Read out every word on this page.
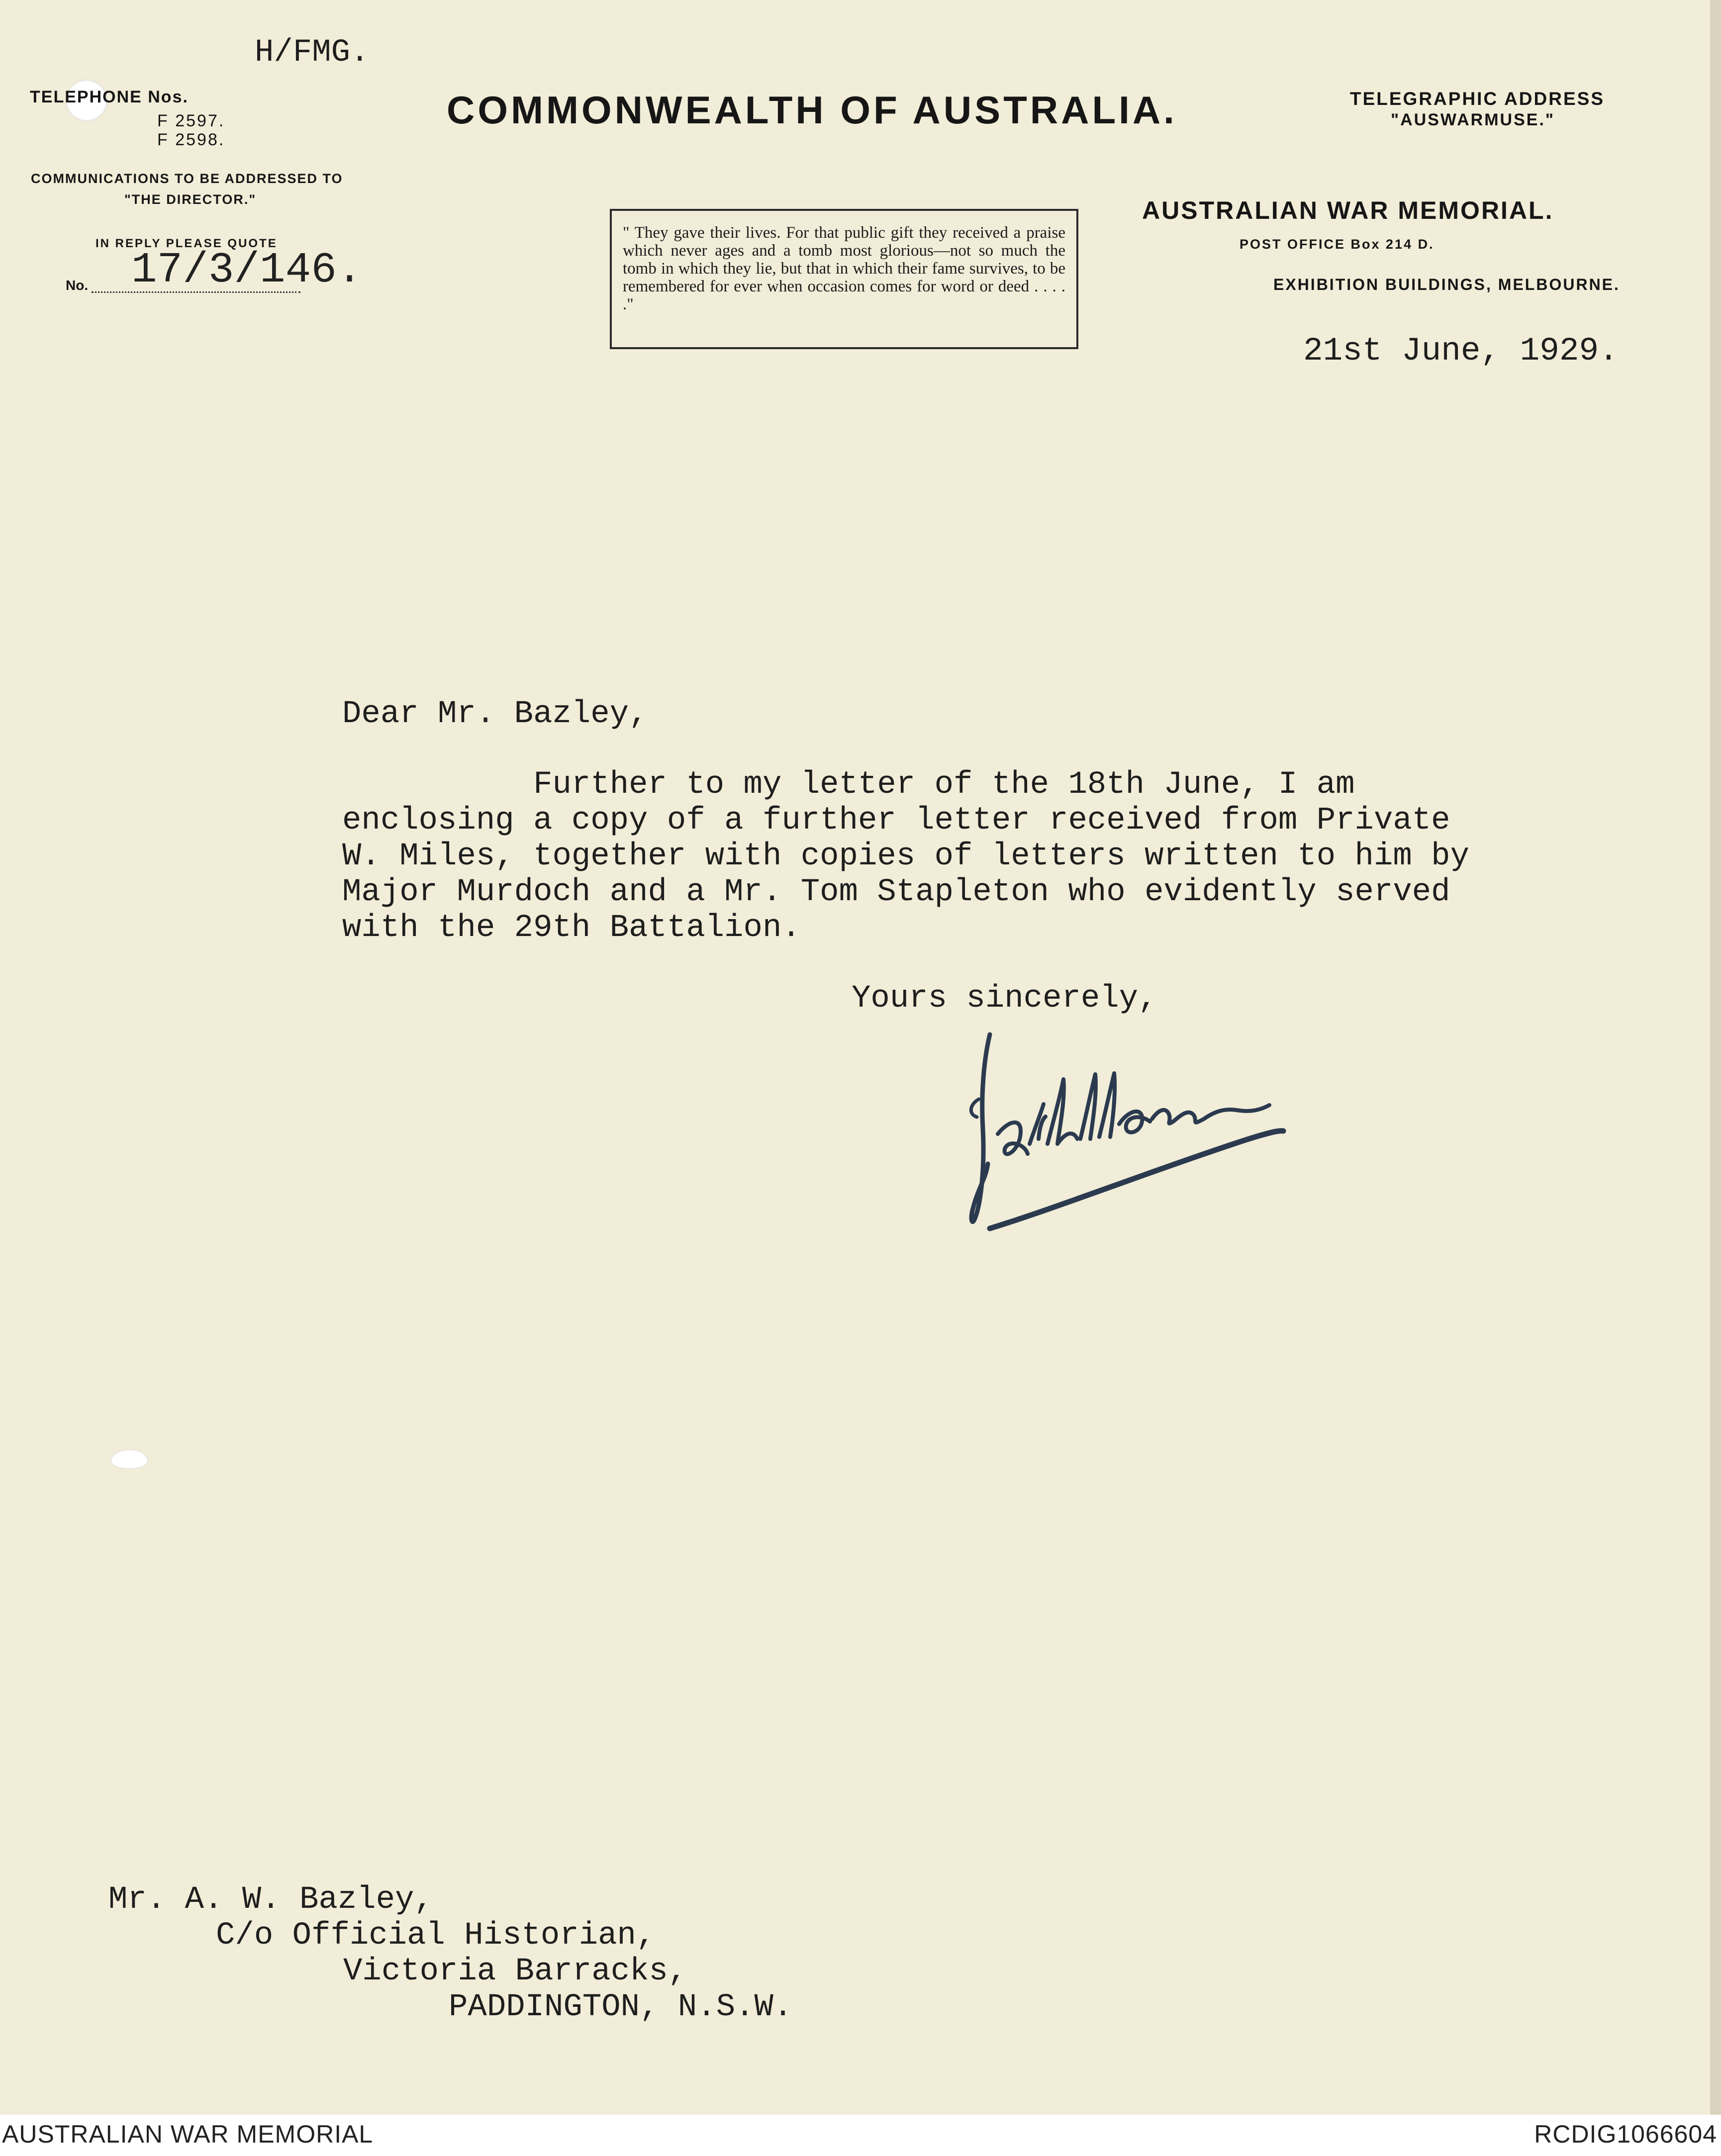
H/FMG.
TELEPHONE Nos.
F 2597.
F 2598.
COMMUNICATIONS TO BE ADDRESSED TO
"THE DIRECTOR."
IN REPLY PLEASE QUOTE
No. 17/3/146.
COMMONWEALTH OF AUSTRALIA.	TELEGRAPHIC ADDRESS
"AUSWARMUSE."
AUSTRALIAN WAR MEMORIAL.
POST OFFICE Box 214 D.
EXHIBITION BUILDINGS, MELBOURNE.
" They gave their lives. For that public gift they received a praise which never ages and a tomb most glorious—not so much the tomb in which they lie, but that in which their fame survives, to be remembered for ever when occasion comes for word or deed . . . . ."
21st June, 1929.
Dear Mr. Bazley,
Further to my letter of the 18th June, I am
enclosing a copy of a further letter received from Private
W. Miles, together with copies of letters written to him by
Major Murdoch and a Mr. Tom Stapleton who evidently served
with the 29th Battalion.
Yours sincerely,
Mr. A. W. Bazley,
C/o Official Historian,
Victoria Barracks,
PADDINGTON, N.S.W.
AUSTRALIAN WAR MEMORIAL	RCDIG1066604
